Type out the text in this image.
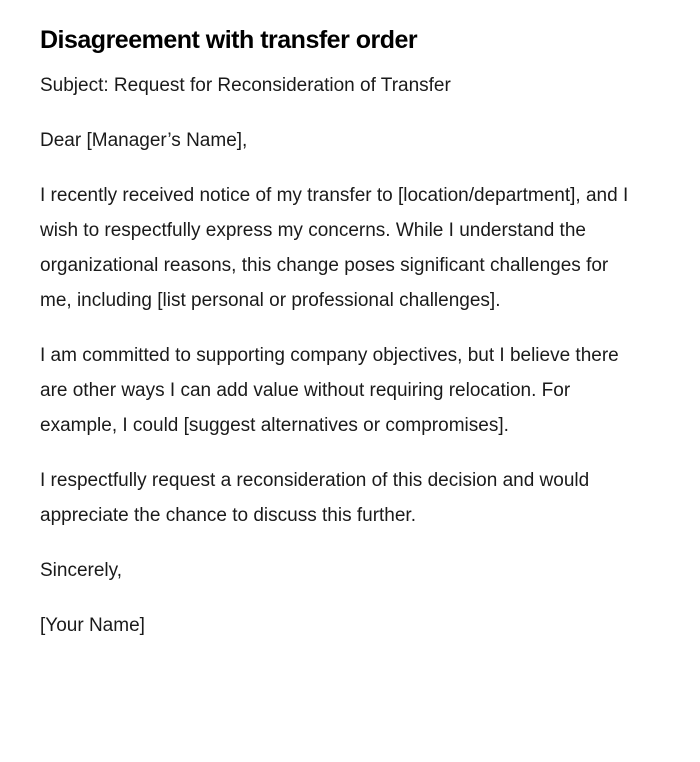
Disagreement with transfer order

Subject: Request for Reconsideration of Transfer

Dear [Manager’s Name],

I recently received notice of my transfer to [location/department], and I wish to respectfully express my concerns. While I understand the organizational reasons, this change poses significant challenges for me, including [list personal or professional challenges].

I am committed to supporting company objectives, but I believe there are other ways I can add value without requiring relocation. For example, I could [suggest alternatives or compromises].

I respectfully request a reconsideration of this decision and would appreciate the chance to discuss this further.

Sincerely,

[Your Name]
